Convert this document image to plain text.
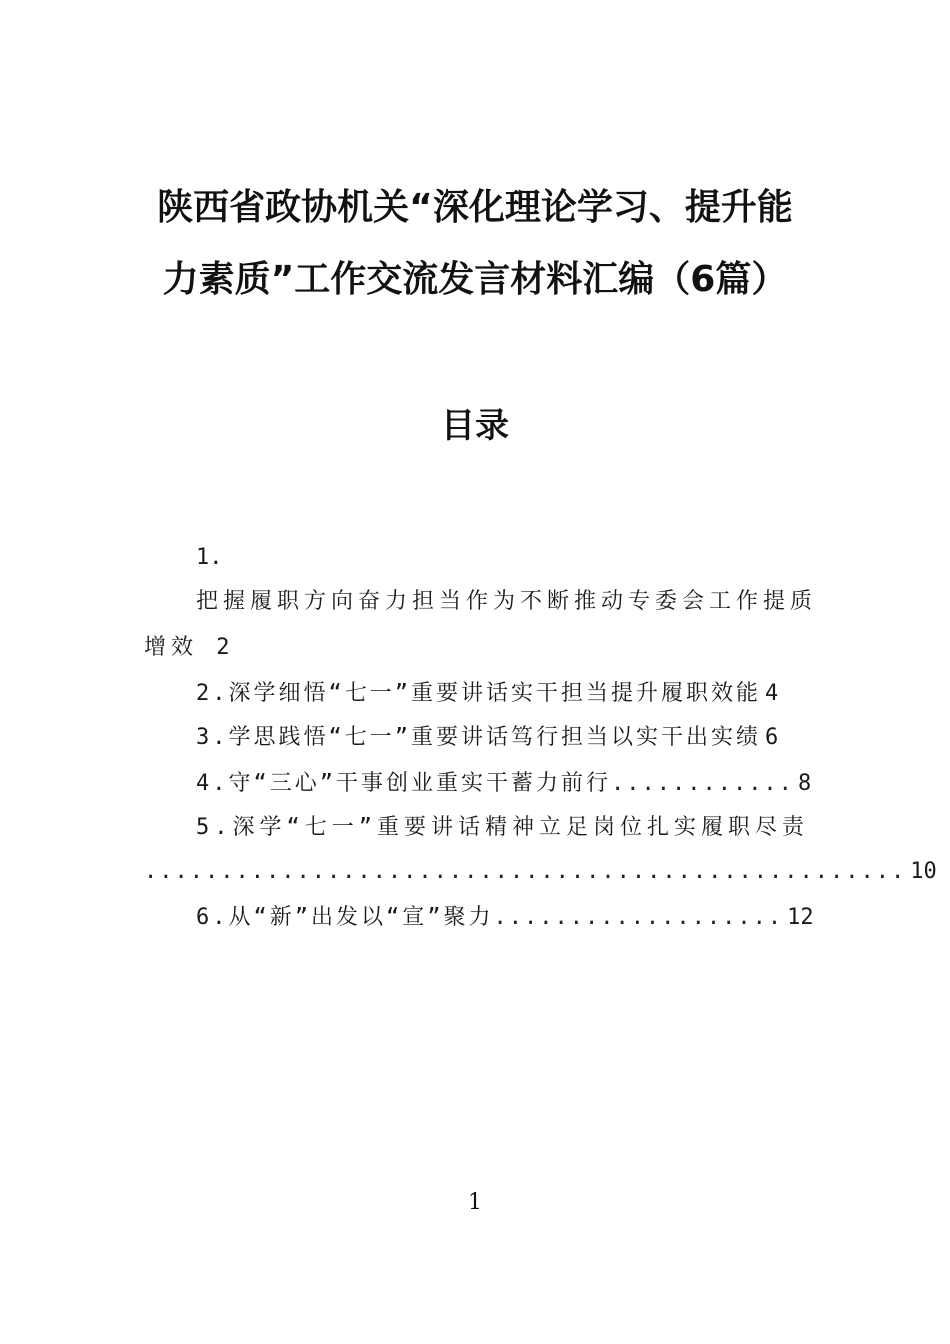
陕西省政协机关“深化理论学习、提升能
力素质”工作交流发言材料汇编（6篇）
目录
1.
把握履职方向奋力担当作为不断推动专委会工作提质
增效 2
2.深学细悟“七一”重要讲话实干担当提升履职效能 4
3.学思践悟“七一”重要讲话笃行担当以实干出实绩 6
4.守“三心”干事创业重实干蓄力前行 ............ 8
5.深学“七一”重要讲话精神立足岗位扎实履职尽责
.................................................. 10
6.从“新”出发以“宣”聚力 ................... 12
1
